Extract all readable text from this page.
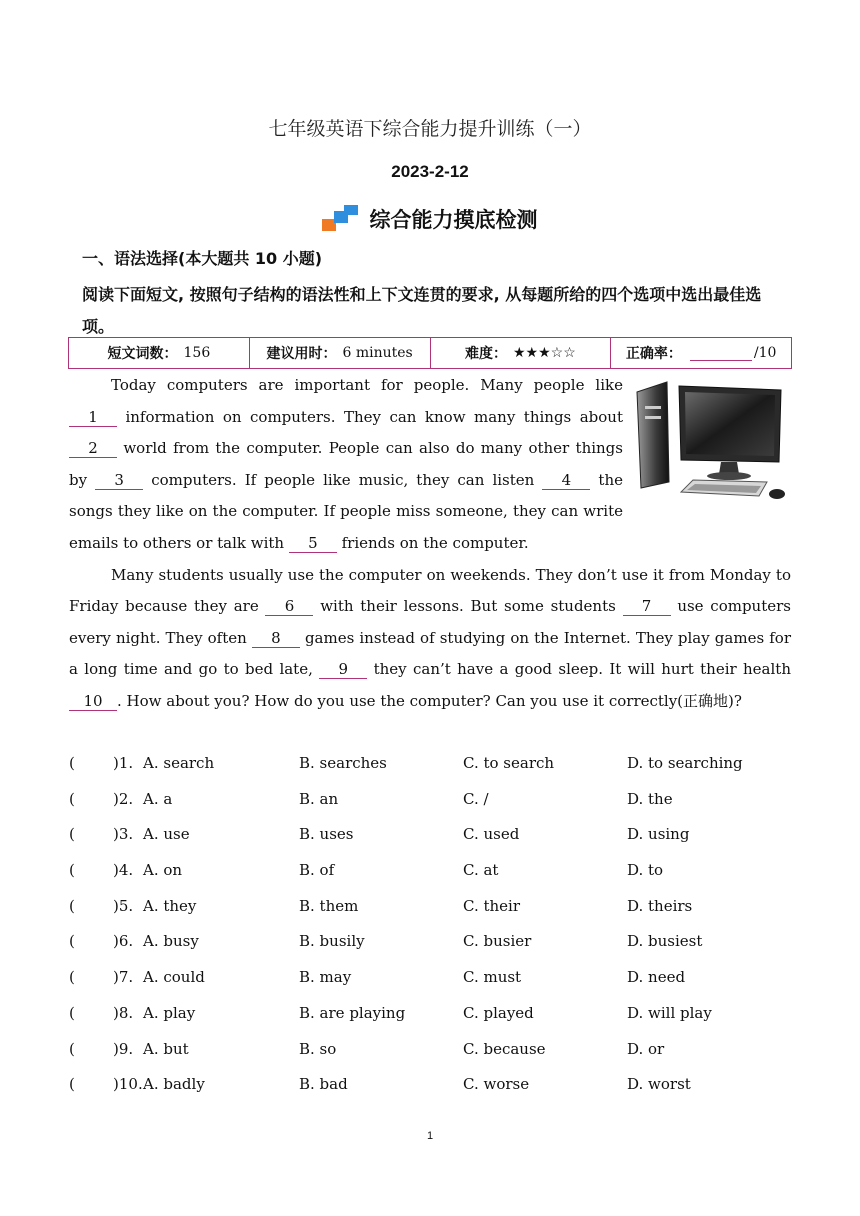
七年级英语下综合能力提升训练（一）
2023-2-12
综合能力摸底检测
一、语法选择(本大题共 10 小题)
阅读下面短文, 按照句子结构的语法性和上下文连贯的要求, 从每题所给的四个选项中选出最佳选项。
短文词数： 156	建议用时： 6 minutes	难度： ★★★☆☆	正确率：	/10

Today computers are important for people. Many people like 1 information on computers. They can know many things about 2 world from the computer. People can also do many other things by 3 computers. If people like music, they can listen 4 the songs they like on the computer. If people miss someone, they can write emails to others or talk with 5 friends on the computer.

Many students usually use the computer on weekends. They don’t use it from Monday to Friday because they are 6 with their lessons. But some students 7 use computers every night. They often 8 games instead of studying on the Internet. They play games for a long time and go to bed late, 9 they can’t have a good sleep. It will hurt their health 10 . How about you? How do you use the computer? Can you use it correctly(正确地)?

(	)1. A. search	B. searches	C. to search	D. to searching
(	)2. A. a	B. an	C. /	D. the
(	)3. A. use	B. uses	C. used	D. using
(	)4. A. on	B. of	C. at	D. to
(	)5. A. they	B. them	C. their	D. theirs
(	)6. A. busy	B. busily	C. busier	D. busiest
(	)7. A. could	B. may	C. must	D. need
(	)8. A. play	B. are playing	C. played	D. will play
(	)9. A. but	B. so	C. because	D. or
(	)10. A. badly	B. bad	C. worse	D. worst
1
